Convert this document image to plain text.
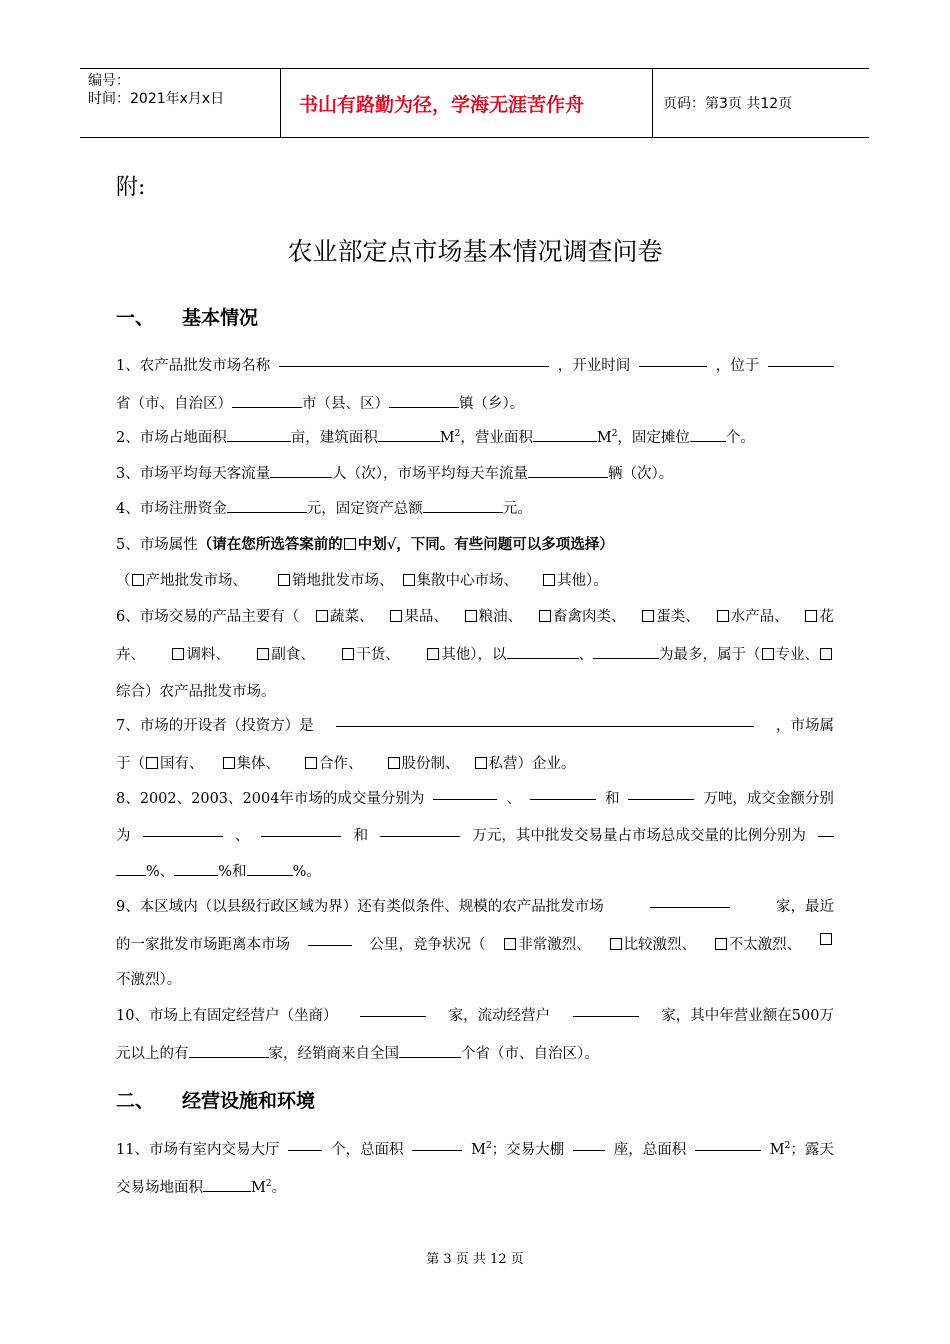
编号：
时间：2021年x月x日	书山有路勤为径，学海无涯苦作舟	页码：第3页 共12页
附:
农业部定点市场基本情况调查问卷
一、 基本情况
1、农产品批发市场名称	，开业时间	，位于
省（市、自治区）	市（县、区）	镇（乡）。
2、市场占地面积	亩，建筑面积	$M^2$，营业面积	$M^2$，固定摊位 个。
3、市场平均每天客流量	人（次），市场平均每天车流量	辆（次）。
4、市场注册资金	元，固定资产总额	元。
5、市场属性（请在您所选答案前的 中划√，下同。有些问题可以多项选择）
（ 产地批发市场、	销地批发市场、 集散中心市场、	其他）。
6、市场交易的产品主要有（	蔬菜、	果品、	粮油、	畜禽肉类、	蛋类、	水产品、	花
卉、	调料、	副食、	干货、	其他），以	、	为最多，属于（ 专业、
综合）农产品批发市场。
7、市场的开设者（投资方）是	，市场属
于（ 国有、 集体、	合作、	股份制、 私营）企业。
8、2002、2003、2004年市场的成交量分别为	、	和	万吨，成交金额分别
为	、	和	万元，其中批发交易量占市场总成交量的比例分别为
%、	%和	%。
9、本区域内（以县级行政区域为界）还有类似条件、规模的农产品批发市场	家，最近
的一家批发市场距离本市场	公里，竞争状况（	非常激烈、	比较激烈、	不太激烈、
不激烈）。
10、市场上有固定经营户（坐商）	家，流动经营户	家，其中年营业额在500万
元以上的有	家，经销商来自全国	个省（市、自治区）。
二、 经营设施和环境
11、市场有室内交易大厅	个，总面积	$M^2$；交易大棚	座，总面积	$M^2$；露天
交易场地面积	$M^2$。
第 3 页 共 12 页
